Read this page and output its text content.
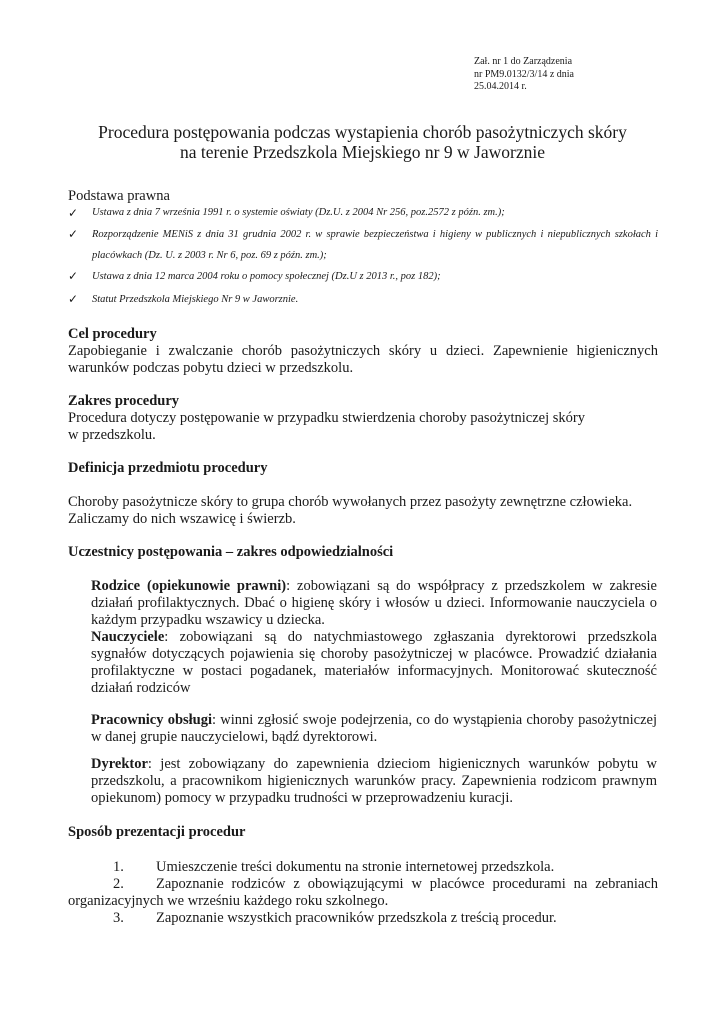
Zał. nr 1 do Zarządzenia
nr PM9.0132/3/14 z dnia
25.04.2014 r.
Procedura postępowania podczas wystapienia chorób pasożytniczych skóry
na terenie Przedszkola Miejskiego nr 9 w Jaworznie
Podstawa prawna
✓ Ustawa z dnia 7 września 1991 r. o systemie oświaty (Dz.U. z 2004 Nr 256, poz.2572 z późn. zm.);
✓ Rozporządzenie MENiS z dnia 31 grudnia 2002 r. w sprawie bezpieczeństwa i higieny w publicznych i niepublicznych szkołach i placówkach (Dz. U. z 2003 r. Nr 6, poz. 69 z późn. zm.);
✓ Ustawa z dnia 12 marca 2004 roku o pomocy społecznej (Dz.U z 2013 r., poz 182);
✓ Statut Przedszkola Miejskiego Nr 9 w Jaworznie.
Cel procedury
Zapobieganie i zwalczanie chorób pasożytniczych skóry u dzieci. Zapewnienie higienicznych warunków podczas pobytu dzieci w przedszkolu.
Zakres procedury
Procedura dotyczy postępowanie w przypadku stwierdzenia choroby pasożytniczej skóry
w przedszkolu.
Definicja przedmiotu procedury
Choroby pasożytnicze skóry to grupa chorób wywołanych przez pasożyty zewnętrzne człowieka.
Zaliczamy do nich wszawicę i świerzb.
Uczestnicy postępowania – zakres odpowiedzialności
Rodzice (opiekunowie prawni): zobowiązani są do współpracy z przedszkolem w zakresie działań profilaktycznych. Dbać o higienę skóry i włosów u dzieci. Informowanie nauczyciela o każdym przypadku wszawicy u dziecka.
Nauczyciele: zobowiązani są do natychmiastowego zgłaszania dyrektorowi przedszkola sygnałów dotyczących pojawienia się choroby pasożytniczej w placówce. Prowadzić działania profilaktyczne w postaci pogadanek, materiałów informacyjnych. Monitorować skuteczność działań rodziców
Pracownicy obsługi: winni zgłosić swoje podejrzenia, co do wystąpienia choroby pasożytniczej w danej grupie nauczycielowi, bądź dyrektorowi.
Dyrektor: jest zobowiązany do zapewnienia dzieciom higienicznych warunków pobytu w przedszkolu, a pracownikom higienicznych warunków pracy. Zapewnienia rodzicom prawnym opiekunom) pomocy w przypadku trudności w przeprowadzeniu kuracji.
Sposób prezentacji procedur
1. Umieszczenie treści dokumentu na stronie internetowej przedszkola.
2. Zapoznanie rodziców z obowiązującymi w placówce procedurami na zebraniach organizacyjnych we wrześniu każdego roku szkolnego.
3. Zapoznanie wszystkich pracowników przedszkola z treścią procedur.
